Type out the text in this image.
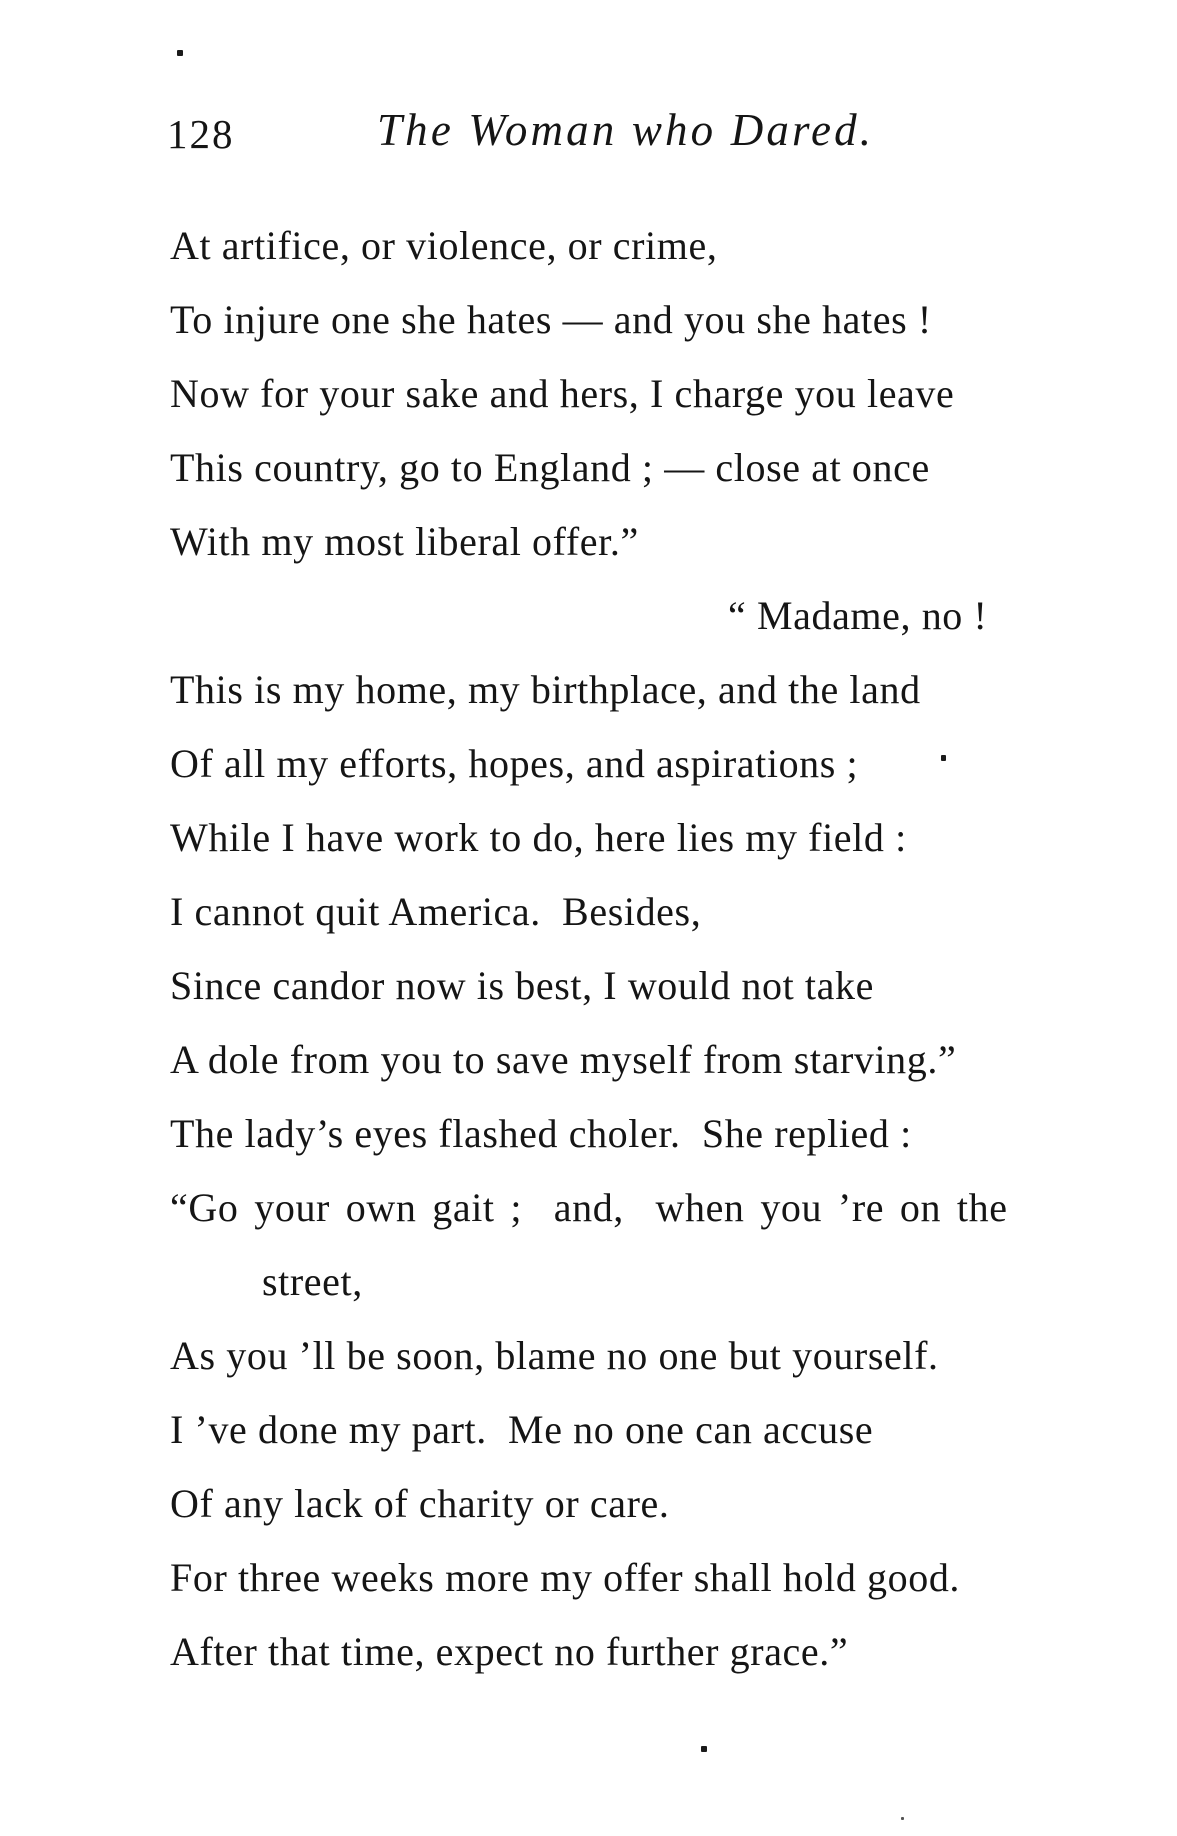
128	The Woman who Dared.
At artifice, or violence, or crime,
To injure one she hates — and you she hates !
Now for your sake and hers, I charge you leave
This country, go to England ; — close at once
With my most liberal offer.”
“ Madame, no !
This is my home, my birthplace, and the land
Of all my efforts, hopes, and aspirations ;
While I have work to do, here lies my field :
I cannot quit America.  Besides,
Since candor now is best, I would not take
A dole from you to save myself from starving.”
The lady’s eyes flashed choler.  She replied :
“Go your own gait ;  and,  when you ’re on the
street,
As you ’ll be soon, blame no one but yourself.
I ’ve done my part.  Me no one can accuse
Of any lack of charity or care.
For three weeks more my offer shall hold good.
After that time, expect no further grace.”
